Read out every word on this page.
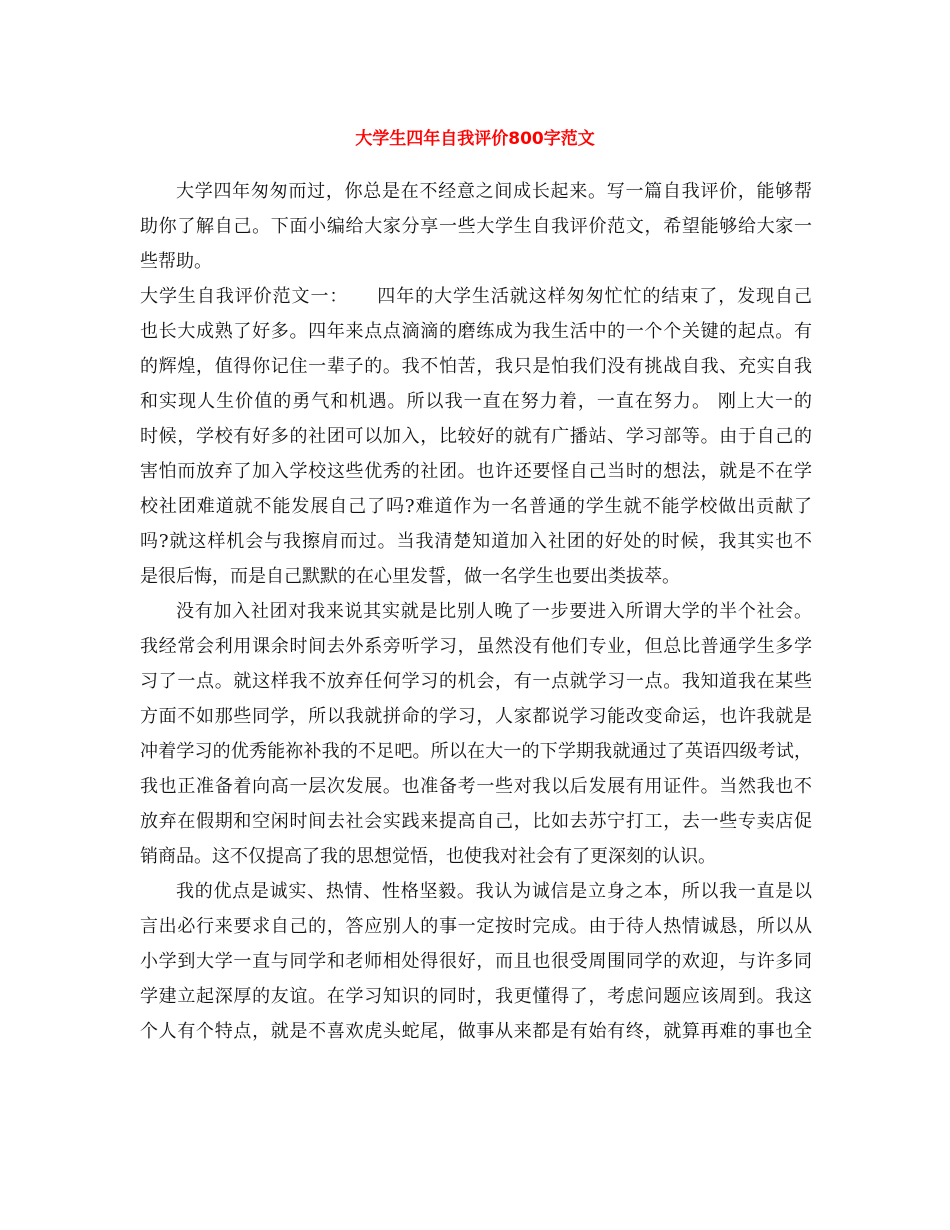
大学生四年自我评价800字范文
大学四年匆匆而过，你总是在不经意之间成长起来。写一篇自我评价，能够帮
助你了解自己。下面小编给大家分享一些大学生自我评价范文，希望能够给大家一
些帮助。
大学生自我评价范文一：　　四年的大学生活就这样匆匆忙忙的结束了，发现自己
也长大成熟了好多。四年来点点滴滴的磨练成为我生活中的一个个关键的起点。有
的辉煌，值得你记住一辈子的。我不怕苦，我只是怕我们没有挑战自我、充实自我
和实现人生价值的勇气和机遇。所以我一直在努力着，一直在努力。 刚上大一的
时候，学校有好多的社团可以加入，比较好的就有广播站、学习部等。由于自己的
害怕而放弃了加入学校这些优秀的社团。也许还要怪自己当时的想法，就是不在学
校社团难道就不能发展自己了吗?难道作为一名普通的学生就不能学校做出贡献了
吗?就这样机会与我擦肩而过。当我清楚知道加入社团的好处的时候，我其实也不
是很后悔，而是自己默默的在心里发誓，做一名学生也要出类拔萃。
没有加入社团对我来说其实就是比别人晚了一步要进入所谓大学的半个社会。
我经常会利用课余时间去外系旁听学习，虽然没有他们专业，但总比普通学生多学
习了一点。就这样我不放弃任何学习的机会，有一点就学习一点。我知道我在某些
方面不如那些同学，所以我就拼命的学习，人家都说学习能改变命运，也许我就是
冲着学习的优秀能祢补我的不足吧。所以在大一的下学期我就通过了英语四级考试，
我也正准备着向高一层次发展。也准备考一些对我以后发展有用证件。当然我也不
放弃在假期和空闲时间去社会实践来提高自己，比如去苏宁打工，去一些专卖店促
销商品。这不仅提高了我的思想觉悟，也使我对社会有了更深刻的认识。
我的优点是诚实、热情、性格坚毅。我认为诚信是立身之本，所以我一直是以
言出必行来要求自己的，答应别人的事一定按时完成。由于待人热情诚恳，所以从
小学到大学一直与同学和老师相处得很好，而且也很受周围同学的欢迎，与许多同
学建立起深厚的友谊。在学习知识的同时，我更懂得了，考虑问题应该周到。我这
个人有个特点，就是不喜欢虎头蛇尾，做事从来都是有始有终，就算再难的事也全
